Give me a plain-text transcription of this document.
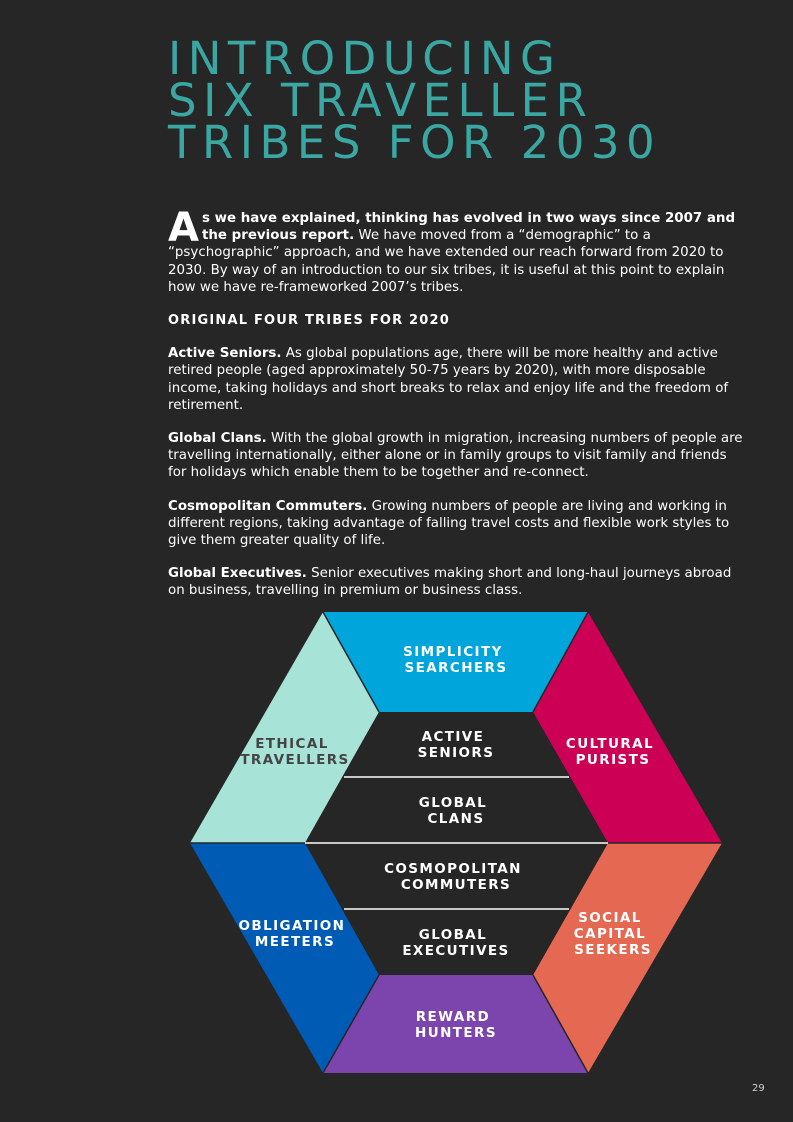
INTRODUCING
SIX TRAVELLER
TRIBES FOR 2030

As we have explained, thinking has evolved in two ways since 2007 and the previous report. We have moved from a “demographic” to a “psychographic” approach, and we have extended our reach forward from 2020 to 2030. By way of an introduction to our six tribes, it is useful at this point to explain how we have re-frameworked 2007’s tribes.

ORIGINAL FOUR TRIBES FOR 2020

Active Seniors. As global populations age, there will be more healthy and active retired people (aged approximately 50-75 years by 2020), with more disposable income, taking holidays and short breaks to relax and enjoy life and the freedom of retirement.

Global Clans. With the global growth in migration, increasing numbers of people are travelling internationally, either alone or in family groups to visit family and friends for holidays which enable them to be together and re-connect.

Cosmopolitan Commuters. Growing numbers of people are living and working in different regions, taking advantage of falling travel costs and flexible work styles to give them greater quality of life.

Global Executives. Senior executives making short and long-haul journeys abroad on business, travelling in premium or business class.

SIMPLICITY SEARCHERS
CULTURAL PURISTS
SOCIAL CAPITAL SEEKERS
REWARD HUNTERS
OBLIGATION MEETERS
ETHICAL TRAVELLERS
ACTIVE SENIORS
GLOBAL CLANS
COSMOPOLITAN COMMUTERS
GLOBAL EXECUTIVES
29
